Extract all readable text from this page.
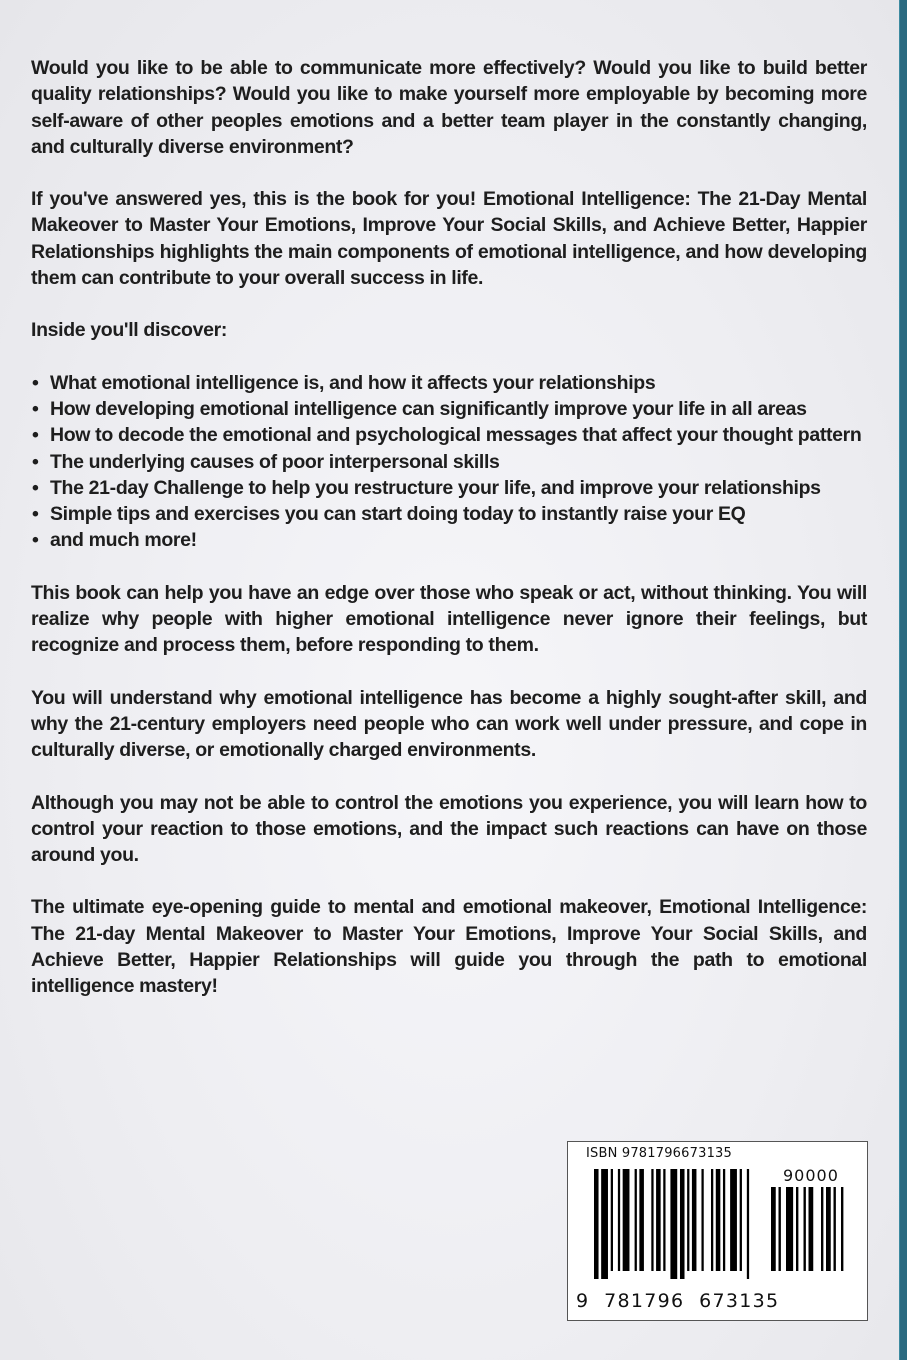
Would you like to be able to communicate more effectively? Would you like to build better quality relationships? Would you like to make yourself more employable by becoming more self-aware of other peoples emotions and a better team player in the constantly changing, and culturally diverse environment?

If you've answered yes, this is the book for you! Emotional Intelligence: The 21-Day Mental Makeover to Master Your Emotions, Improve Your Social Skills, and Achieve Better, Happier Relationships highlights the main components of emotional intelligence, and how developing them can contribute to your overall success in life.

Inside you'll discover:

• What emotional intelligence is, and how it affects your relationships
• How developing emotional intelligence can significantly improve your life in all areas
• How to decode the emotional and psychological messages that affect your thought pattern
• The underlying causes of poor interpersonal skills
• The 21-day Challenge to help you restructure your life, and improve your relationships
• Simple tips and exercises you can start doing today to instantly raise your EQ
• and much more!

This book can help you have an edge over those who speak or act, without thinking. You will realize why people with higher emotional intelligence never ignore their feelings, but recognize and process them, before responding to them.

You will understand why emotional intelligence has become a highly sought-after skill, and why the 21-century employers need people who can work well under pressure, and cope in culturally diverse, or emotionally charged environments.

Although you may not be able to control the emotions you experience, you will learn how to control your reaction to those emotions, and the impact such reactions can have on those around you.

The ultimate eye-opening guide to mental and emotional makeover, Emotional Intelligence: The 21-day Mental Makeover to Master Your Emotions, Improve Your Social Skills, and Achieve Better, Happier Relationships will guide you through the path to emotional intelligence mastery!

ISBN 9781796673135
90000
9  781796  673135
